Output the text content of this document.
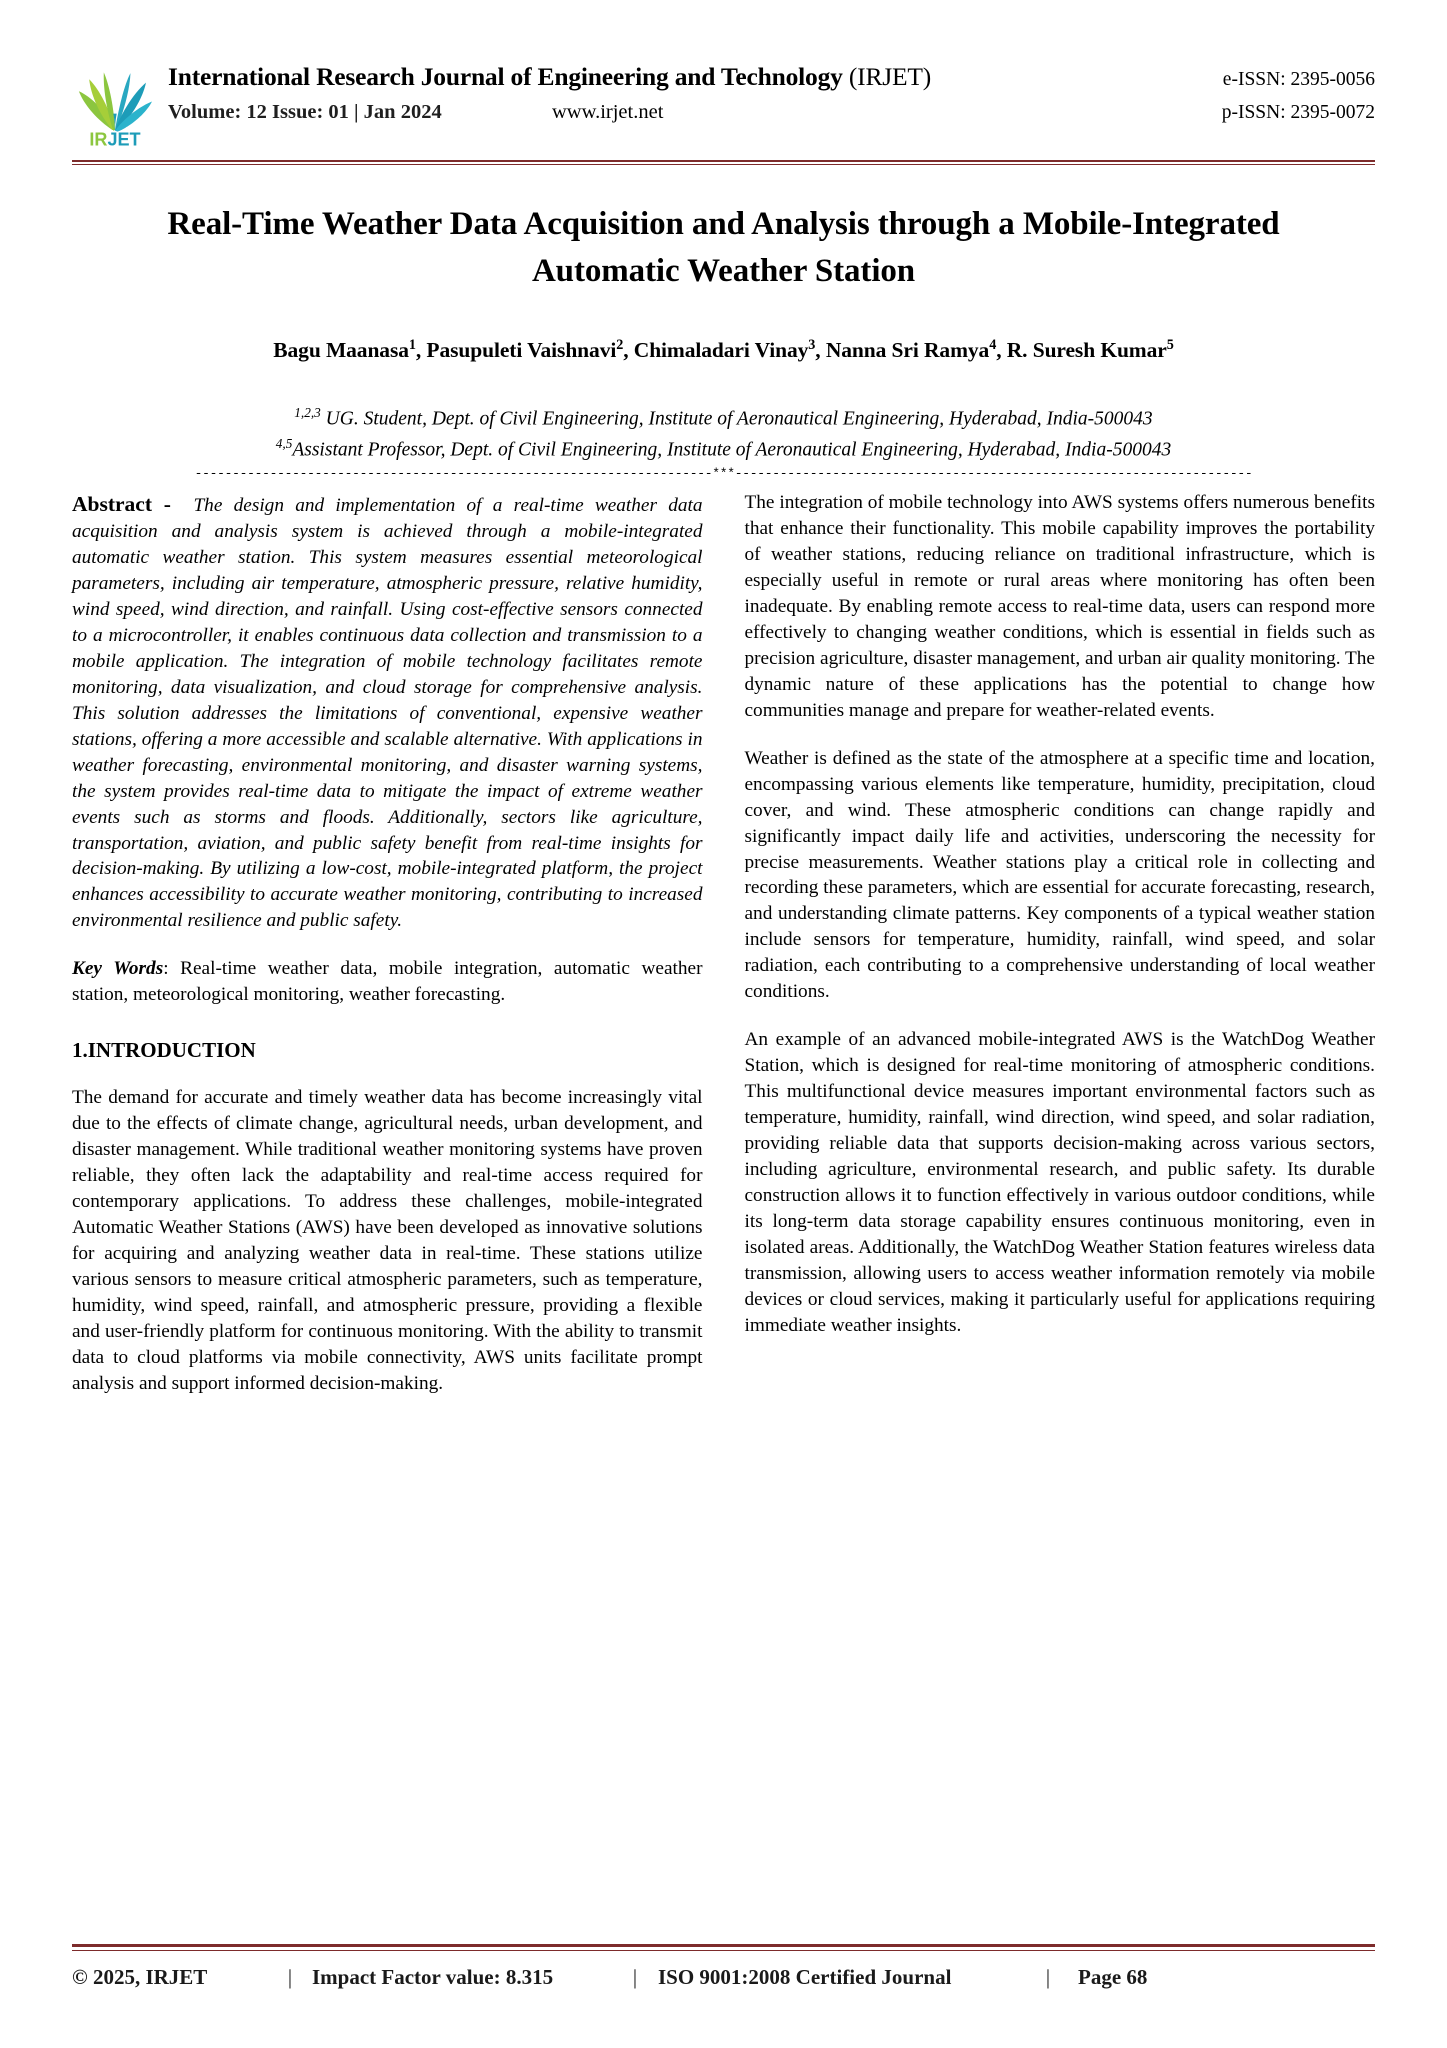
IRJET
International Research Journal of Engineering and Technology (IRJET)	e-ISSN: 2395-0056
Volume: 12 Issue: 01 | Jan 2024	www.irjet.net	p-ISSN: 2395-0072
Real-Time Weather Data Acquisition and Analysis through a Mobile-Integrated Automatic Weather Station
Bagu Maanasa$^1$, Pasupuleti Vaishnavi$^2$, Chimaladari Vinay$^3$, Nanna Sri Ramya$^4$, R. Suresh Kumar$^5$
$^{1,2,3}$ UG. Student, Dept. of Civil Engineering, Institute of Aeronautical Engineering, Hyderabad, India-500043
$^{4,5}$Assistant Professor, Dept. of Civil Engineering, Institute of Aeronautical Engineering, Hyderabad, India-500043
---------------------------------------------------------------------***---------------------------------------------------------------------

Abstract - The design and implementation of a real-time weather data acquisition and analysis system is achieved through a mobile-integrated automatic weather station. This system measures essential meteorological parameters, including air temperature, atmospheric pressure, relative humidity, wind speed, wind direction, and rainfall. Using cost-effective sensors connected to a microcontroller, it enables continuous data collection and transmission to a mobile application. The integration of mobile technology facilitates remote monitoring, data visualization, and cloud storage for comprehensive analysis. This solution addresses the limitations of conventional, expensive weather stations, offering a more accessible and scalable alternative. With applications in weather forecasting, environmental monitoring, and disaster warning systems, the system provides real-time data to mitigate the impact of extreme weather events such as storms and floods. Additionally, sectors like agriculture, transportation, aviation, and public safety benefit from real-time insights for decision-making. By utilizing a low-cost, mobile-integrated platform, the project enhances accessibility to accurate weather monitoring, contributing to increased environmental resilience and public safety.

Key Words: Real-time weather data, mobile integration, automatic weather station, meteorological monitoring, weather forecasting.

1.INTRODUCTION

The demand for accurate and timely weather data has become increasingly vital due to the effects of climate change, agricultural needs, urban development, and disaster management. While traditional weather monitoring systems have proven reliable, they often lack the adaptability and real-time access required for contemporary applications. To address these challenges, mobile-integrated Automatic Weather Stations (AWS) have been developed as innovative solutions for acquiring and analyzing weather data in real-time. These stations utilize various sensors to measure critical atmospheric parameters, such as temperature, humidity, wind speed, rainfall, and atmospheric pressure, providing a flexible and user-friendly platform for continuous monitoring. With the ability to transmit data to cloud platforms via mobile connectivity, AWS units facilitate prompt analysis and support informed decision-making.

The integration of mobile technology into AWS systems offers numerous benefits that enhance their functionality. This mobile capability improves the portability of weather stations, reducing reliance on traditional infrastructure, which is especially useful in remote or rural areas where monitoring has often been inadequate. By enabling remote access to real-time data, users can respond more effectively to changing weather conditions, which is essential in fields such as precision agriculture, disaster management, and urban air quality monitoring. The dynamic nature of these applications has the potential to change how communities manage and prepare for weather-related events.

Weather is defined as the state of the atmosphere at a specific time and location, encompassing various elements like temperature, humidity, precipitation, cloud cover, and wind. These atmospheric conditions can change rapidly and significantly impact daily life and activities, underscoring the necessity for precise measurements. Weather stations play a critical role in collecting and recording these parameters, which are essential for accurate forecasting, research, and understanding climate patterns. Key components of a typical weather station include sensors for temperature, humidity, rainfall, wind speed, and solar radiation, each contributing to a comprehensive understanding of local weather conditions.

An example of an advanced mobile-integrated AWS is the WatchDog Weather Station, which is designed for real-time monitoring of atmospheric conditions. This multifunctional device measures important environmental factors such as temperature, humidity, rainfall, wind direction, wind speed, and solar radiation, providing reliable data that supports decision-making across various sectors, including agriculture, environmental research, and public safety. Its durable construction allows it to function effectively in various outdoor conditions, while its long-term data storage capability ensures continuous monitoring, even in isolated areas. Additionally, the WatchDog Weather Station features wireless data transmission, allowing users to access weather information remotely via mobile devices or cloud services, making it particularly useful for applications requiring immediate weather insights.

© 2025, IRJET	| Impact Factor value: 8.315	| ISO 9001:2008 Certified Journal	|	Page 68
